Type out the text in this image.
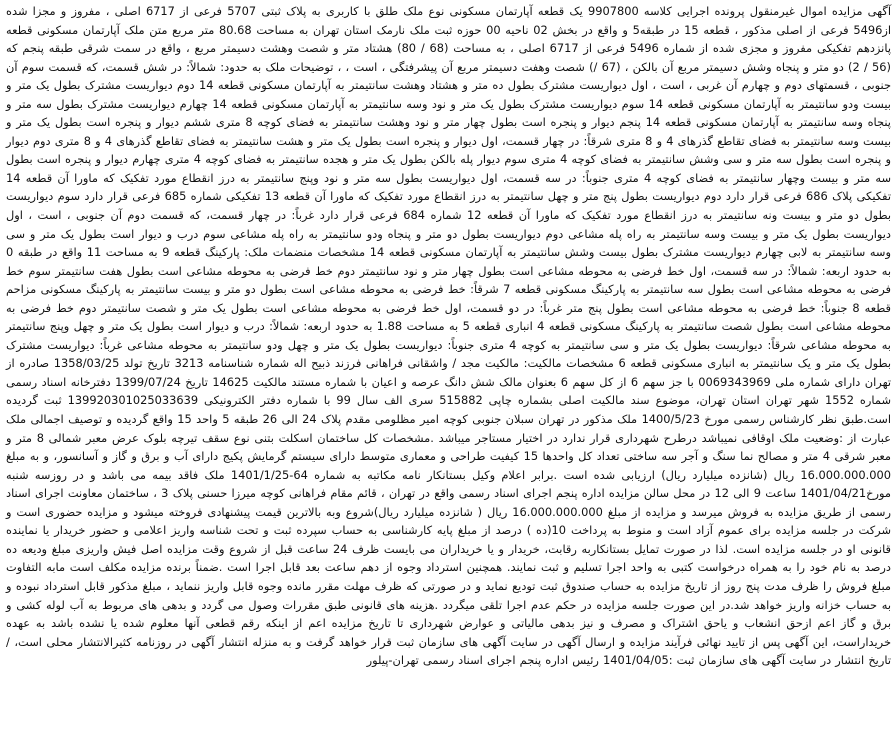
آگهی مزایده اموال غیرمنقول پرونده اجرایی کلاسه 9907800 یک قطعه آپارتمان مسکونی نوع ملک طلق با کاربری به پلاک ثبتی 5707 فرعی از 6717 اصلی ، مفروز و مجزا شده از5496 فرعی از اصلی مذکور ، قطعه 15 در طبقه5 و واقع در بخش 02 ناحیه 00 حوزه ثبت ملک نارمک استان تهران به مساحت 80.68 متر مربع متن ملک آپارتمان مسکونی قطعه پانزدهم تفکیکی مفروز و مجزی شده از شماره 5496 فرعی از 6717 اصلی ، به مساحت (68 / 80) هشتاد متر و شصت وهشت دسیمتر مربع ، واقع در سمت شرقی طبقه پنجم که (56 / 2) دو متر و پنجاه وشش دسیمتر مربع آن بالکن ، (67 /) شصت وهفت دسیمتر مربع آن پیشرفتگی ، است ، ، توضیحات ملک به حدود: شمالاً: در شش قسمت، که قسمت سوم آن جنوبی ، قسمتهای دوم و چهارم آن غربی ، است ، اول دیواریست مشترک بطول ده متر و هشتاد وهشت سانتیمتر به آپارتمان مسکونی قطعه 14 دوم دیواریست مشترک بطول یک متر و بیست ودو سانتیمتر به آپارتمان مسکونی قطعه 14 سوم دیواریست مشترک بطول یک متر و نود وسه سانتیمتر به آپارتمان مسکونی قطعه 14 چهارم دیواریست مشترک بطول سه متر و پنجاه وسه سانتیمتر به آپارتمان مسکونی قطعه 14 پنجم دیوار و پنجره است بطول چهار متر و نود وهشت سانتیمتر به فضای کوچه 8 متری ششم دیوار و پنجره است بطول یک متر و بیست وسه سانتیمتر به فضای تقاطع گذرهای 4 و 8 متری شرقاً: در چهار قسمت، اول دیوار و پنجره است بطول یک متر و هشت سانتیمتر به فضای تقاطع گذرهای 4 و 8 متری دوم دیوار و پنجره است بطول سه متر و سی وشش سانتیمتر به فضای کوچه 4 متری سوم دیوار پله بالکن بطول یک متر و هجده سانتیمتر به فضای کوچه 4 متری چهارم دیوار و پنجره است بطول سه متر و بیست وچهار سانتیمتر به فضای کوچه 4 متری جنوباً: در سه قسمت، اول دیواریست بطول سه متر و نود وپنج سانتیمتر به درز انقطاع مورد تفکیک که ماورا آن قطعه 14 تفکیکی پلاک 686 فرعی قرار دارد دوم دیواریست بطول پنج متر و چهل سانتیمتر به درز انقطاع مورد تفکیک که ماورا آن قطعه 13 تفکیکی شماره 685 فرعی قرار دارد سوم دیواریست بطول دو متر و بیست ونه سانتیمتر به درز انقطاع مورد تفکیک که ماورا آن قطعه 12 شماره 684 فرعی قرار دارد غرباً: در چهار قسمت، که قسمت دوم آن جنوبی ، است ، اول دیواریست بطول یک متر و بیست وسه سانتیمتر به راه پله مشاعی دوم دیواریست بطول دو متر و پنجاه ودو سانتیمتر به راه پله مشاعی سوم درب و دیوار است بطول یک متر و سی وسه سانتیمتر به لابی چهارم دیواریست مشترک بطول بیست وشش سانتیمتر به آپارتمان مسکونی قطعه 14 مشخصات منضمات ملک: پارکینگ قطعه 9 به مساحت 11 واقع در طبقه 0 به حدود اربعه: شمالاً: در سه قسمت، اول خط فرضی به محوطه مشاعی است بطول چهار متر و نود سانتیمتر دوم خط فرضی به محوطه مشاعی است بطول هفت سانتیمتر سوم خط فرضی به محوطه مشاعی است بطول سه سانتیمتر به پارکینگ مسکونی قطعه 7 شرقاً: خط فرضی به محوطه مشاعی است بطول دو متر و بیست سانتیمتر به پارکینگ مسکونی مزاحم قطعه 8 جنوباً: خط فرضی به محوطه مشاعی است بطول پنج متر غرباً: در دو قسمت، اول خط فرضی به محوطه مشاعی است بطول یک متر و شصت سانتیمتر دوم خط فرضی به محوطه مشاعی است بطول شصت سانتیمتر به پارکینگ مسکونی قطعه 4 انباری قطعه 5 به مساحت 1.88 به حدود اربعه: شمالاً: درب و دیوار است بطول یک متر و چهل وپنج سانتیمتر به محوطه مشاعی شرقاً: دیواریست بطول یک متر و سی سانتیمتر به کوچه 4 متری جنوباً: دیواریست بطول یک متر و چهل ودو سانتیمتر به محوطه مشاعی غرباً: دیواریست مشترک بطول یک متر و یک سانتیمتر به انباری مسکونی قطعه 6 مشخصات مالکیت: مالکیت مجد / واشقانی فراهانی فرزند ذبیح اله شماره شناسنامه 3213 تاریخ تولد 1358/03/25 صادره از تهران دارای شماره ملی 0069343969 با جز سهم 6 از کل سهم 6 بعنوان مالک شش دانگ عرصه و اعیان با شماره مستند مالکیت 14625 تاریخ 1399/07/24 دفترخانه اسناد رسمی شماره 1552 شهر تهران استان تهران، موضوع سند مالکیت اصلی بشماره چاپی 515882 سری الف سال 99 با شماره دفتر الکترونیکی 139920301025033639 ثبت گردیده است.طبق نظر کارشناس رسمی مورخ 1400/5/23 ملک مذکور در تهران سبلان جنوبی کوچه امیر مظلومی مقدم پلاک 24 الی 26 طبقه 5 واحد 15 واقع گردیده و توصیف اجمالی ملک عبارت از :وضعیت ملک اوقافی نمیباشد درطرح شهرداری قرار ندارد در اختیار مستاجر میباشد .مشخصات کل ساختمان اسکلت بتنی نوع سقف تیرچه بلوک عرض معبر شمالی 8 متر و معبر شرقی 4 متر و مصالح نما سنگ و آجر سه ساختی تعداد کل واحدها 15 کیفیت طراحی و معماری متوسط دارای سیستم گرمایش پکیج دارای آب و برق و گاز و آسانسور، و به مبلغ 16.000.000.000 ریال (شانزده میلیارد ریال) ارزیابی شده است .برابر اعلام وکیل بستانکار نامه مکاتبه به شماره 64-1401/1/25 ملک فاقد بیمه می باشد و در روزسه شنبه مورخ1401/04/21 ساعت 9 الی 12 در محل سالن مزایده اداره پنجم اجرای اسناد رسمی واقع در تهران ، قائم مقام فراهانی کوچه میرزا حسنی پلاک 3 ، ساختمان معاونت اجرای اسناد رسمی از طریق مزایده به فروش میرسد و مزایده از مبلغ 16.000.000.000 ریال ( شانزده میلیارد ریال)شروع وبه بالاترین قیمت پیشنهادی فروخته میشود و مزایده حضوری است و شرکت در جلسه مزایده برای عموم آزاد است و منوط به پرداخت 10(ده ) درصد از مبلغ پایه کارشناسی به حساب سپرده ثبت و تحت شناسه واریز اعلامی و حضور خریدار یا نماینده قانونی او در جلسه مزایده است. لذا در صورت تمایل بستانکاربه رقابت، خریدار و یا خریداران می بایست ظرف 24 ساعت قبل از شروع وقت مزایده اصل فیش واریزی مبلغ ودیعه ده درصد به نام خود را به همراه درخواست کتبی به واحد اجرا تسلیم و ثبت نمایند. همچنین استرداد وجوه از دهم ساعت بعد قابل اجرا است .ضمناً برنده مزایده مکلف است مابه التفاوت مبلغ فروش را ظرف مدت پنج روز از تاریخ مزایده به حساب صندوق ثبت تودیع نماید و در صورتی که ظرف مهلت مقرر مانده وجوه قابل واریز ننماید ، مبلغ مذکور قابل استرداد نبوده و به حساب خزانه واریز خواهد شد.در این صورت جلسه مزایده در حکم عدم اجرا تلقی میگردد .هزینه های قانونی طبق مقررات وصول می گردد و بدهی های مربوط به آب لوله کشی و برق و گاز اعم ازحق انشعاب و یاحق اشتراک و مصرف و نیز بدهی مالیاتی و عوارض شهرداری تا تاریخ مزایده اعم از اینکه رقم قطعی آنها معلوم شده یا نشده باشد به عهده خریداراست، این آگهی پس از تایید نهائی فرآیند مزایده و ارسال آگهی در سایت آگهی های سازمان ثبت قرار خواهد گرفت و به منزله انتشار آگهی در روزنامه کثیرالانتشار محلی است، / تاریخ انتشار در سایت آگهی های سازمان ثبت :1401/04/05 رئیس اداره پنجم اجرای اسناد رسمی تهران-پیلور
